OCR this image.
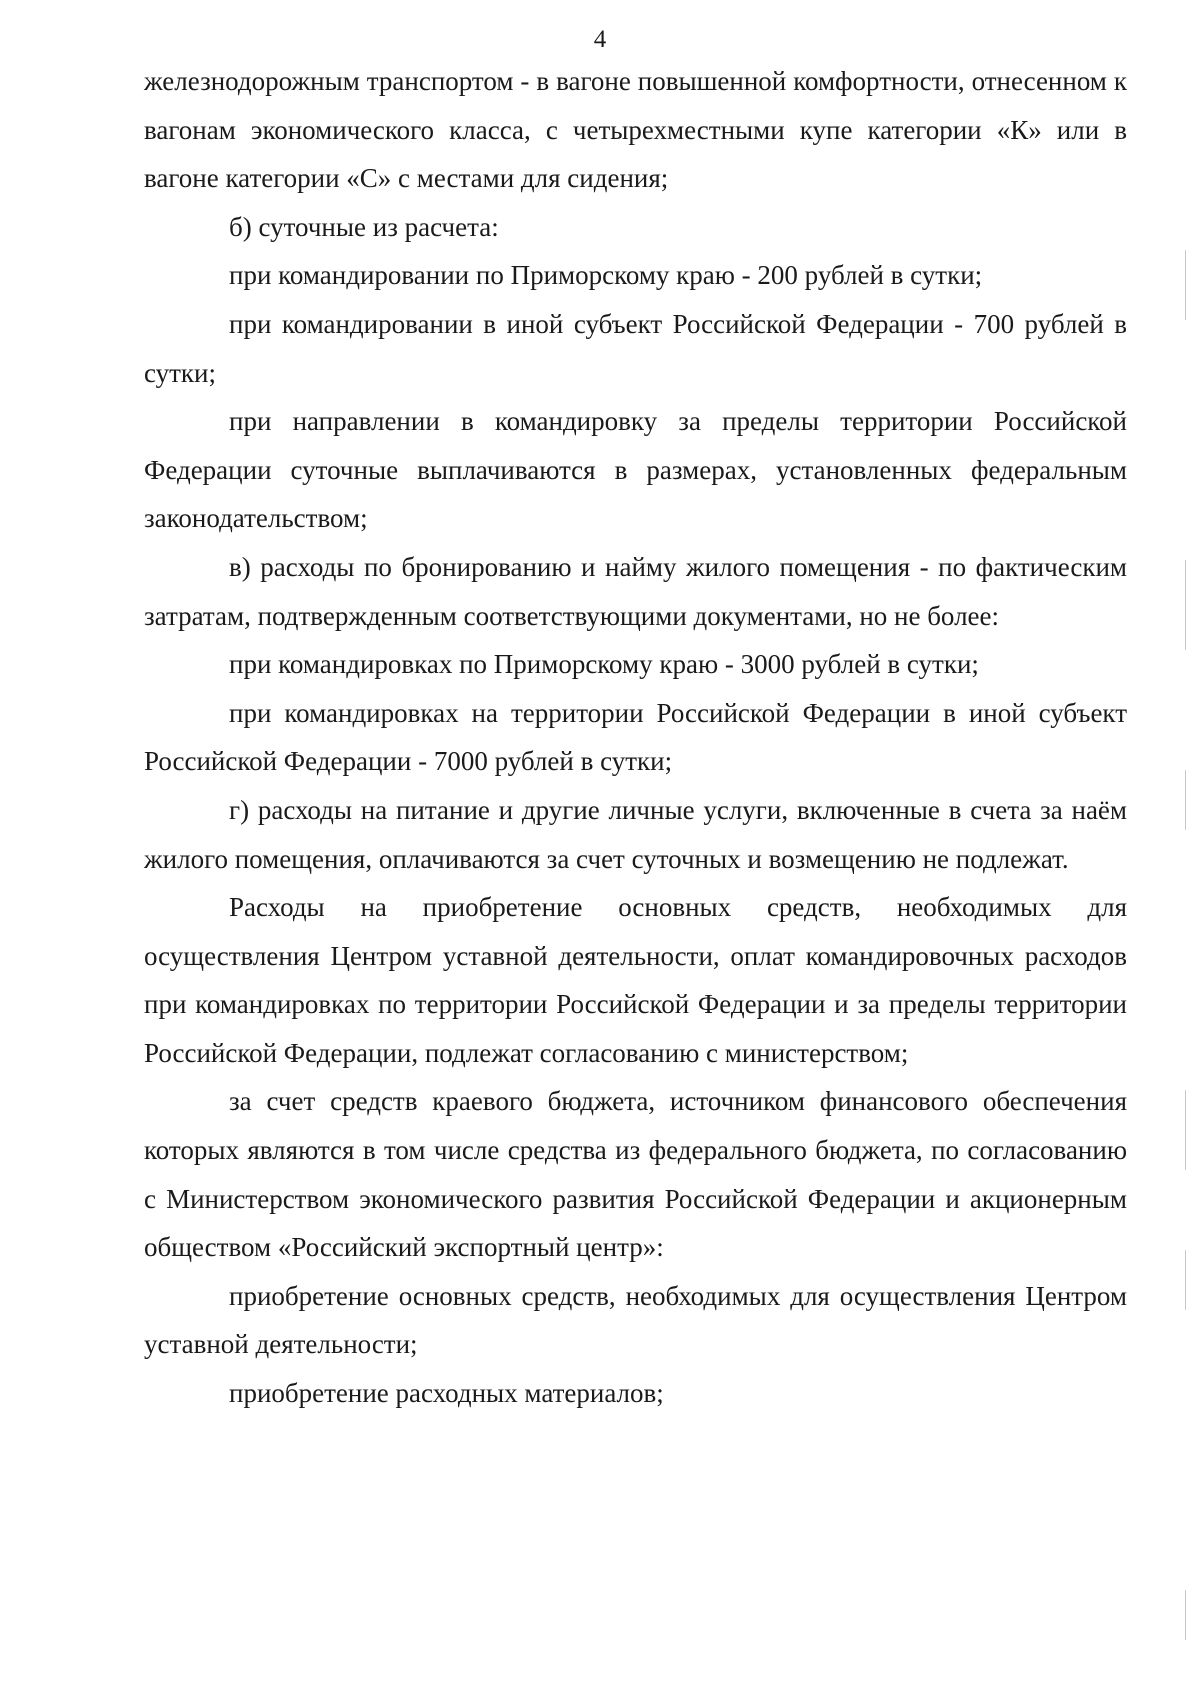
4

железнодорожным транспортом - в вагоне повышенной комфортности, отнесенном к вагонам экономического класса, с четырехместными купе категории «К» или в вагоне категории «С» с местами для сидения;

б) суточные из расчета:

при командировании по Приморскому краю - 200 рублей в сутки;

при командировании в иной субъект Российской Федерации - 700 рублей в сутки;

при направлении в командировку за пределы территории Российской Федерации суточные выплачиваются в размерах, установленных федеральным законодательством;

в) расходы по бронированию и найму жилого помещения - по фактическим затратам, подтвержденным соответствующими документами, но не более:

при командировках по Приморскому краю - 3000 рублей в сутки;

при командировках на территории Российской Федерации в иной субъект Российской Федерации - 7000 рублей в сутки;

г) расходы на питание и другие личные услуги, включенные в счета за наём жилого помещения, оплачиваются за счет суточных и возмещению не подлежат.

Расходы на приобретение основных средств, необходимых для осуществления Центром уставной деятельности, оплат командировочных расходов при командировках по территории Российской Федерации и за пределы территории Российской Федерации, подлежат согласованию с министерством;

за счет средств краевого бюджета, источником финансового обеспечения которых являются в том числе средства из федерального бюджета, по согласованию с Министерством экономического развития Российской Федерации и акционерным обществом «Российский экспортный центр»:

приобретение основных средств, необходимых для осуществления Центром уставной деятельности;

приобретение расходных материалов;
